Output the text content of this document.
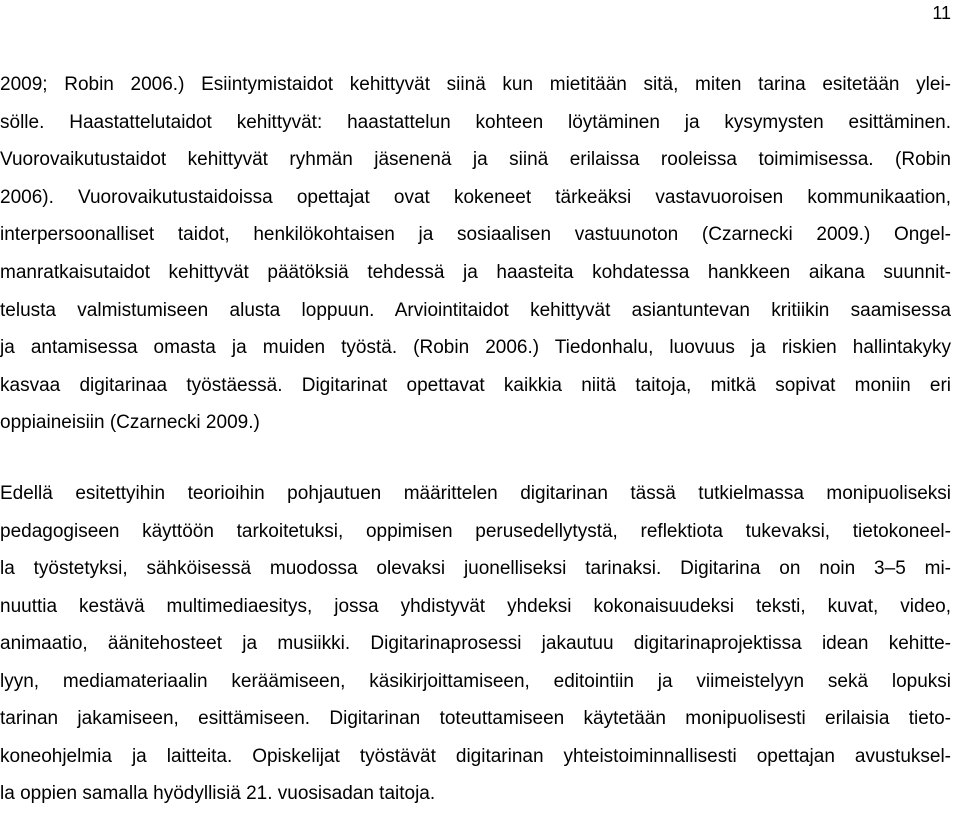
11
2009; Robin 2006.) Esiintymistaidot kehittyvät siinä kun mietitään sitä, miten tarina esitetään ylei-
sölle. Haastattelutaidot kehittyvät: haastattelun kohteen löytäminen ja kysymysten esittäminen.
Vuorovaikutustaidot kehittyvät ryhmän jäsenenä ja siinä erilaissa rooleissa toimimisessa. (Robin
2006). Vuorovaikutustaidoissa opettajat ovat kokeneet tärkeäksi vastavuoroisen kommunikaation,
interpersoonalliset taidot, henkilökohtaisen ja sosiaalisen vastuunoton (Czarnecki 2009.) Ongel-
manratkaisutaidot kehittyvät päätöksiä tehdessä ja haasteita kohdatessa hankkeen aikana suunnit-
telusta valmistumiseen alusta loppuun. Arviointitaidot kehittyvät asiantuntevan kritiikin saamisessa
ja antamisessa omasta ja muiden työstä. (Robin 2006.) Tiedonhalu, luovuus ja riskien hallintakyky
kasvaa digitarinaa työstäessä. Digitarinat opettavat kaikkia niitä taitoja, mitkä sopivat moniin eri
oppiaineisiin (Czarnecki 2009.)
Edellä esitettyihin teorioihin pohjautuen määrittelen digitarinan tässä tutkielmassa monipuoliseksi
pedagogiseen käyttöön tarkoitetuksi, oppimisen perusedellytystä, reflektiota tukevaksi, tietokoneel-
la työstetyksi, sähköisessä muodossa olevaksi juonelliseksi tarinaksi. Digitarina on noin 3–5 mi-
nuuttia kestävä multimediaesitys, jossa yhdistyvät yhdeksi kokonaisuudeksi teksti, kuvat, video,
animaatio, äänitehosteet ja musiikki. Digitarinaprosessi jakautuu digitarinaprojektissa idean kehitte-
lyyn, mediamateriaalin keräämiseen, käsikirjoittamiseen, editointiin ja viimeistelyyn sekä lopuksi
tarinan jakamiseen, esittämiseen. Digitarinan toteuttamiseen käytetään monipuolisesti erilaisia tieto-
koneohjelmia ja laitteita. Opiskelijat työstävät digitarinan yhteistoiminnallisesti opettajan avustuksel-
la oppien samalla hyödyllisiä 21. vuosisadan taitoja.
